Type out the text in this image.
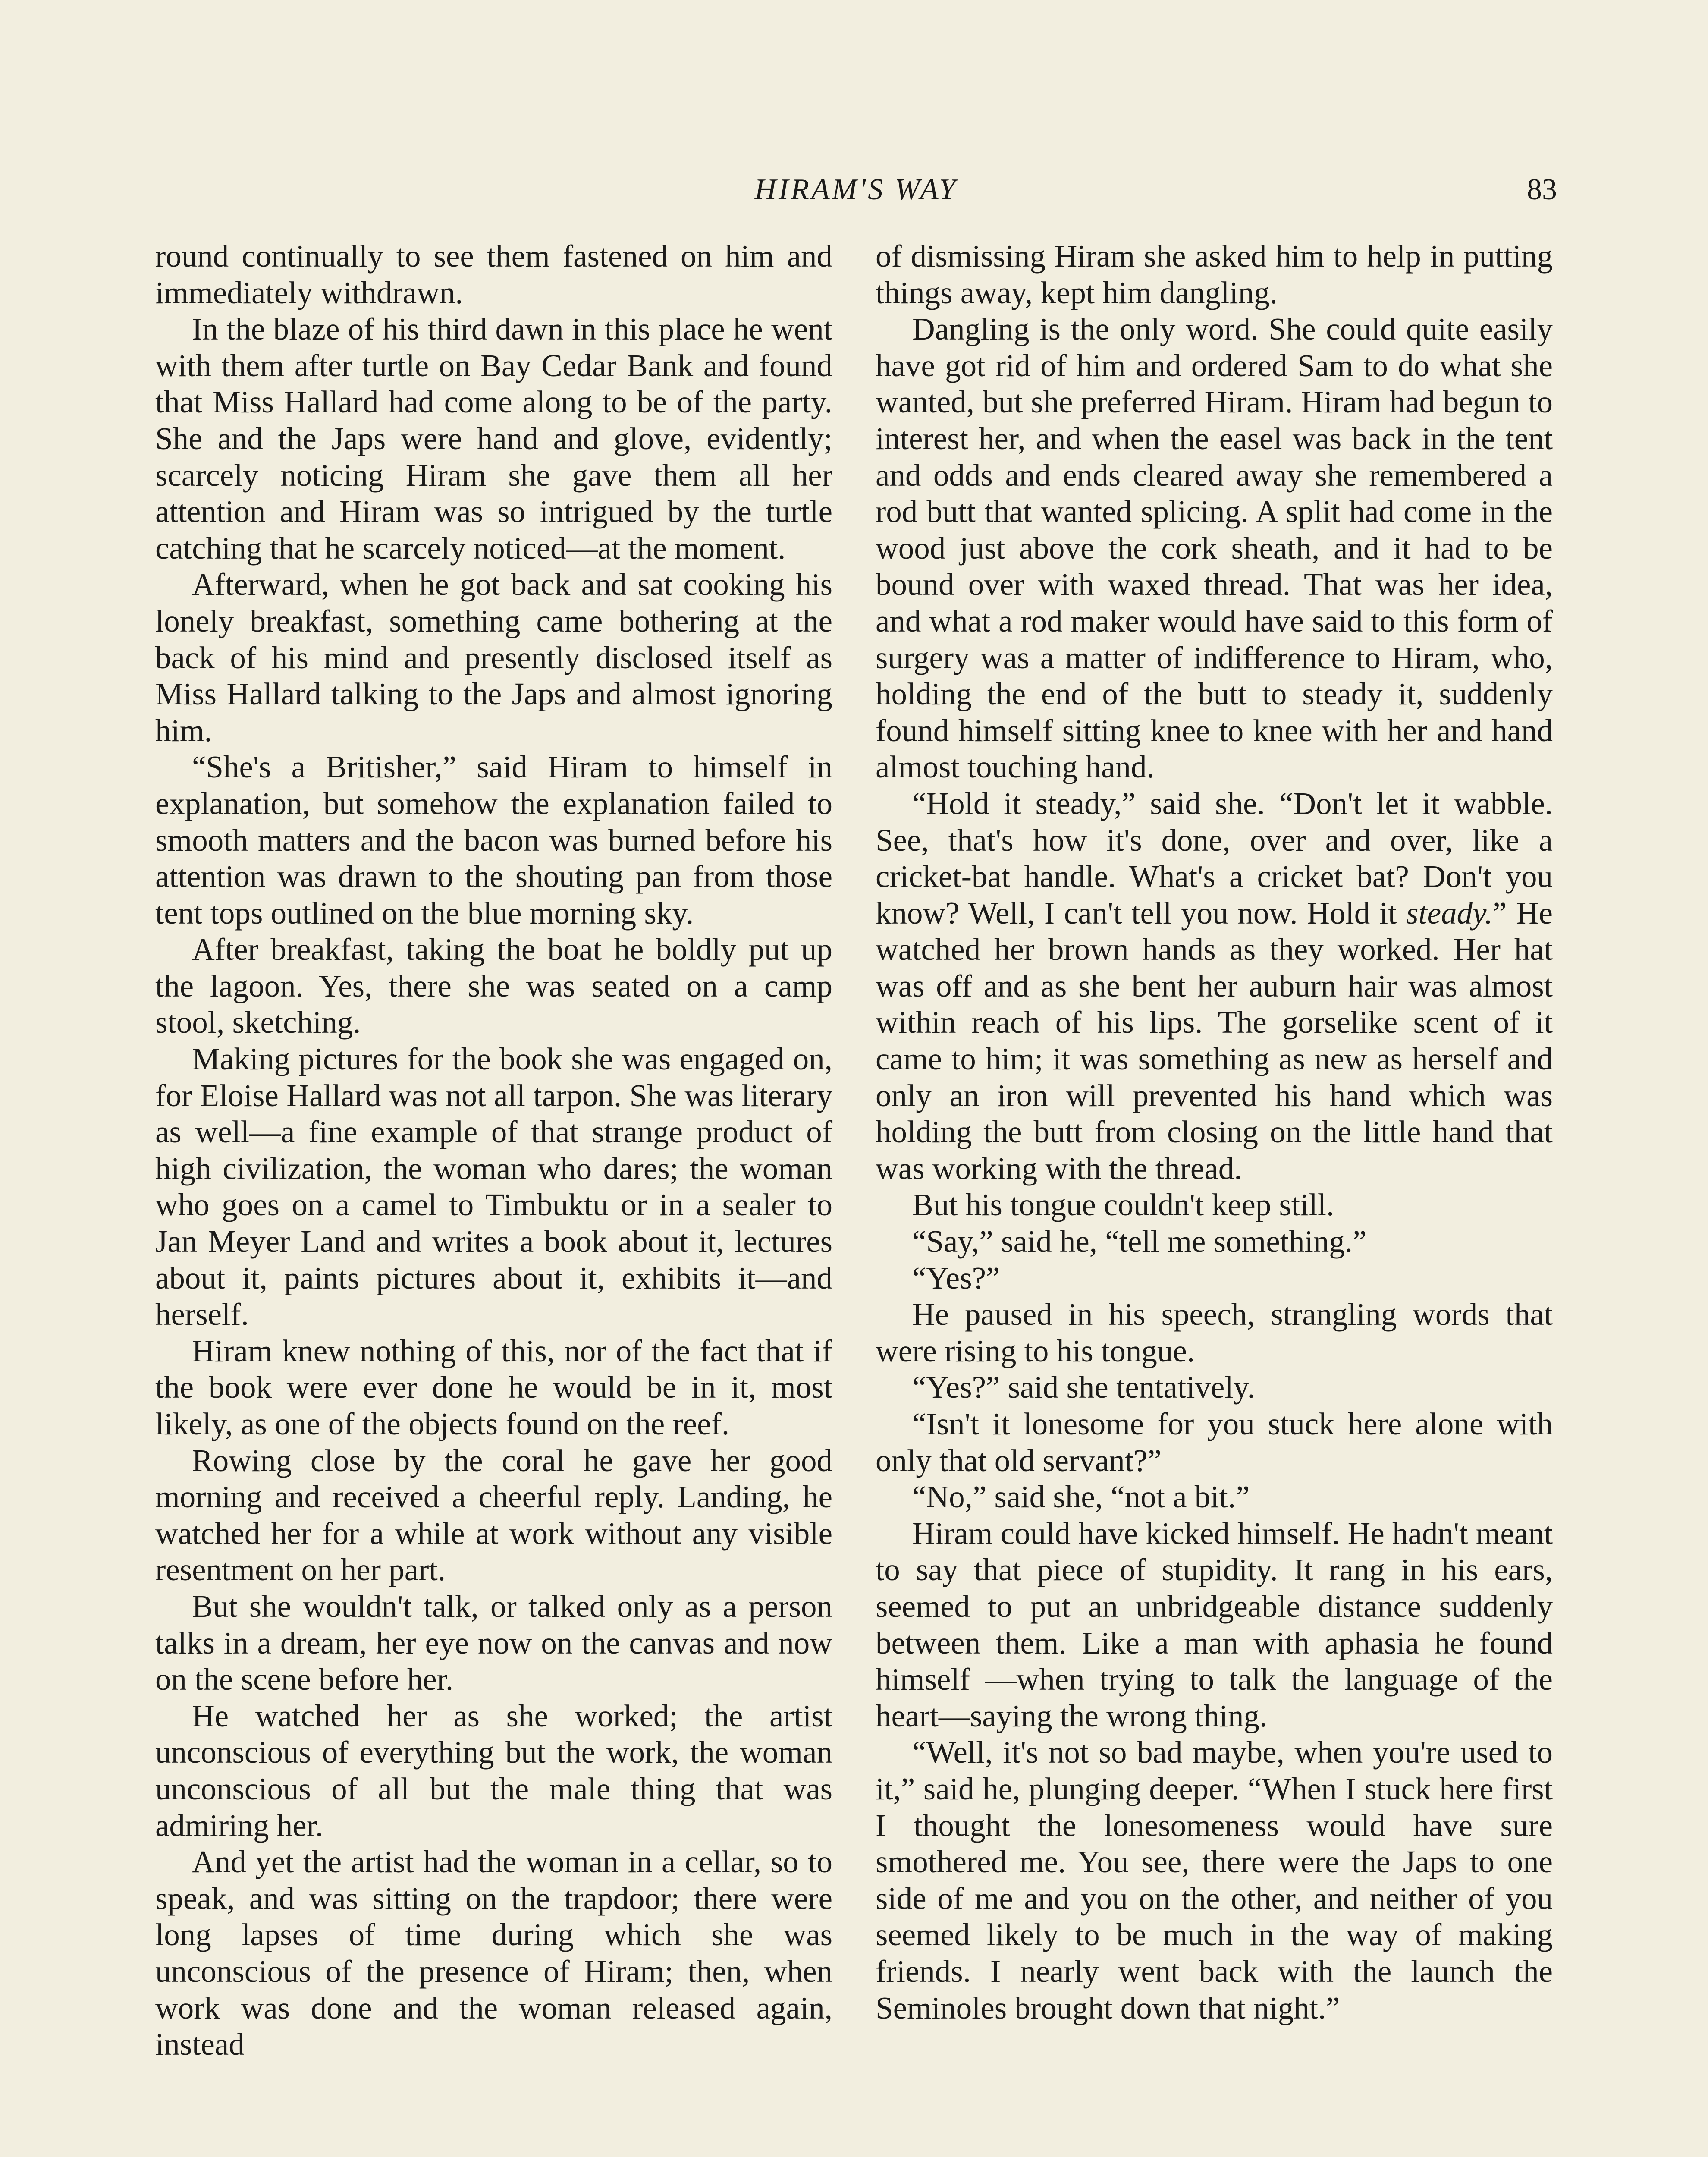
HIRAM'S WAY	83

round continually to see them fastened on him and immediately withdrawn.

In the blaze of his third dawn in this place he went with them after turtle on Bay Cedar Bank and found that Miss Hallard had come along to be of the party. She and the Japs were hand and glove, evidently; scarcely noticing Hiram she gave them all her attention and Hiram was so intrigued by the turtle catching that he scarcely noticed—at the moment.

Afterward, when he got back and sat cooking his lonely breakfast, something came bothering at the back of his mind and presently disclosed itself as Miss Hallard talking to the Japs and almost ignoring him.

“She's a Britisher,” said Hiram to himself in explanation, but somehow the explanation failed to smooth matters and the bacon was burned before his attention was drawn to the shouting pan from those tent tops outlined on the blue morning sky.

After breakfast, taking the boat he boldly put up the lagoon. Yes, there she was seated on a camp stool, sketching.

Making pictures for the book she was engaged on, for Eloise Hallard was not all tarpon. She was literary as well—a fine example of that strange product of high civilization, the woman who dares; the woman who goes on a camel to Timbuktu or in a sealer to Jan Meyer Land and writes a book about it, lectures about it, paints pictures about it, exhibits it—and herself.

Hiram knew nothing of this, nor of the fact that if the book were ever done he would be in it, most likely, as one of the objects found on the reef.

Rowing close by the coral he gave her good morning and received a cheerful reply. Landing, he watched her for a while at work without any visible resentment on her part.

But she wouldn't talk, or talked only as a person talks in a dream, her eye now on the canvas and now on the scene before her.

He watched her as she worked; the artist unconscious of everything but the work, the woman unconscious of all but the male thing that was admiring her.

And yet the artist had the woman in a cellar, so to speak, and was sitting on the trapdoor; there were long lapses of time during which she was unconscious of the presence of Hiram; then, when work was done and the woman released again, instead

of dismissing Hiram she asked him to help in putting things away, kept him dangling.

Dangling is the only word. She could quite easily have got rid of him and ordered Sam to do what she wanted, but she preferred Hiram. Hiram had begun to interest her, and when the easel was back in the tent and odds and ends cleared away she remembered a rod butt that wanted splicing. A split had come in the wood just above the cork sheath, and it had to be bound over with waxed thread. That was her idea, and what a rod maker would have said to this form of surgery was a matter of indifference to Hiram, who, holding the end of the butt to steady it, suddenly found himself sitting knee to knee with her and hand almost touching hand.

“Hold it steady,” said she. “Don't let it wabble. See, that's how it's done, over and over, like a cricket-bat handle. What's a cricket bat? Don't you know? Well, I can't tell you now. Hold it steady.” He watched her brown hands as they worked. Her hat was off and as she bent her auburn hair was almost within reach of his lips. The gorselike scent of it came to him; it was something as new as herself and only an iron will prevented his hand which was holding the butt from closing on the little hand that was working with the thread.

But his tongue couldn't keep still.

“Say,” said he, “tell me something.”

“Yes?”

He paused in his speech, strangling words that were rising to his tongue.

“Yes?” said she tentatively.

“Isn't it lonesome for you stuck here alone with only that old servant?”

“No,” said she, “not a bit.”

Hiram could have kicked himself. He hadn't meant to say that piece of stupidity. It rang in his ears, seemed to put an unbridgeable distance suddenly between them. Like a man with aphasia he found himself —when trying to talk the language of the heart—saying the wrong thing.

“Well, it's not so bad maybe, when you're used to it,” said he, plunging deeper. “When I stuck here first I thought the lonesomeness would have sure smothered me. You see, there were the Japs to one side of me and you on the other, and neither of you seemed likely to be much in the way of making friends. I nearly went back with the launch the Seminoles brought down that night.”
